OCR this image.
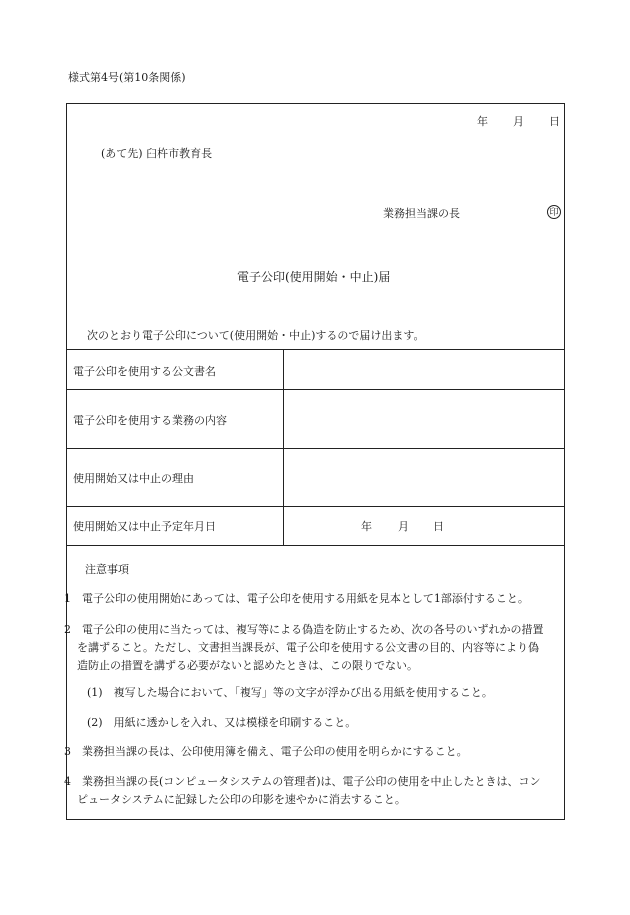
様式第4号(第10条関係)
年 月 日
(あて先) 臼杵市教育長
業務担当課の長	印
電子公印(使用開始・中止)届
次のとおり電子公印について(使用開始・中止)するので届け出ます。
電子公印を使用する公文書名
電子公印を使用する業務の内容
使用開始又は中止の理由
使用開始又は中止予定年月日	年 月 日
注意事項
1　電子公印の使用開始にあっては、電子公印を使用する用紙を見本として1部添付すること。
2　電子公印の使用に当たっては、複写等による偽造を防止するため、次の各号のいずれかの措置を講ずること。ただし、文書担当課長が、電子公印を使用する公文書の目的、内容等により偽造防止の措置を講ずる必要がないと認めたときは、この限りでない。
(1)　複写した場合において、「複写」等の文字が浮かび出る用紙を使用すること。
(2)　用紙に透かしを入れ、又は模様を印刷すること。
3　業務担当課の長は、公印使用簿を備え、電子公印の使用を明らかにすること。
4　業務担当課の長(コンピュータシステムの管理者)は、電子公印の使用を中止したときは、コンピュータシステムに記録した公印の印影を速やかに消去すること。
